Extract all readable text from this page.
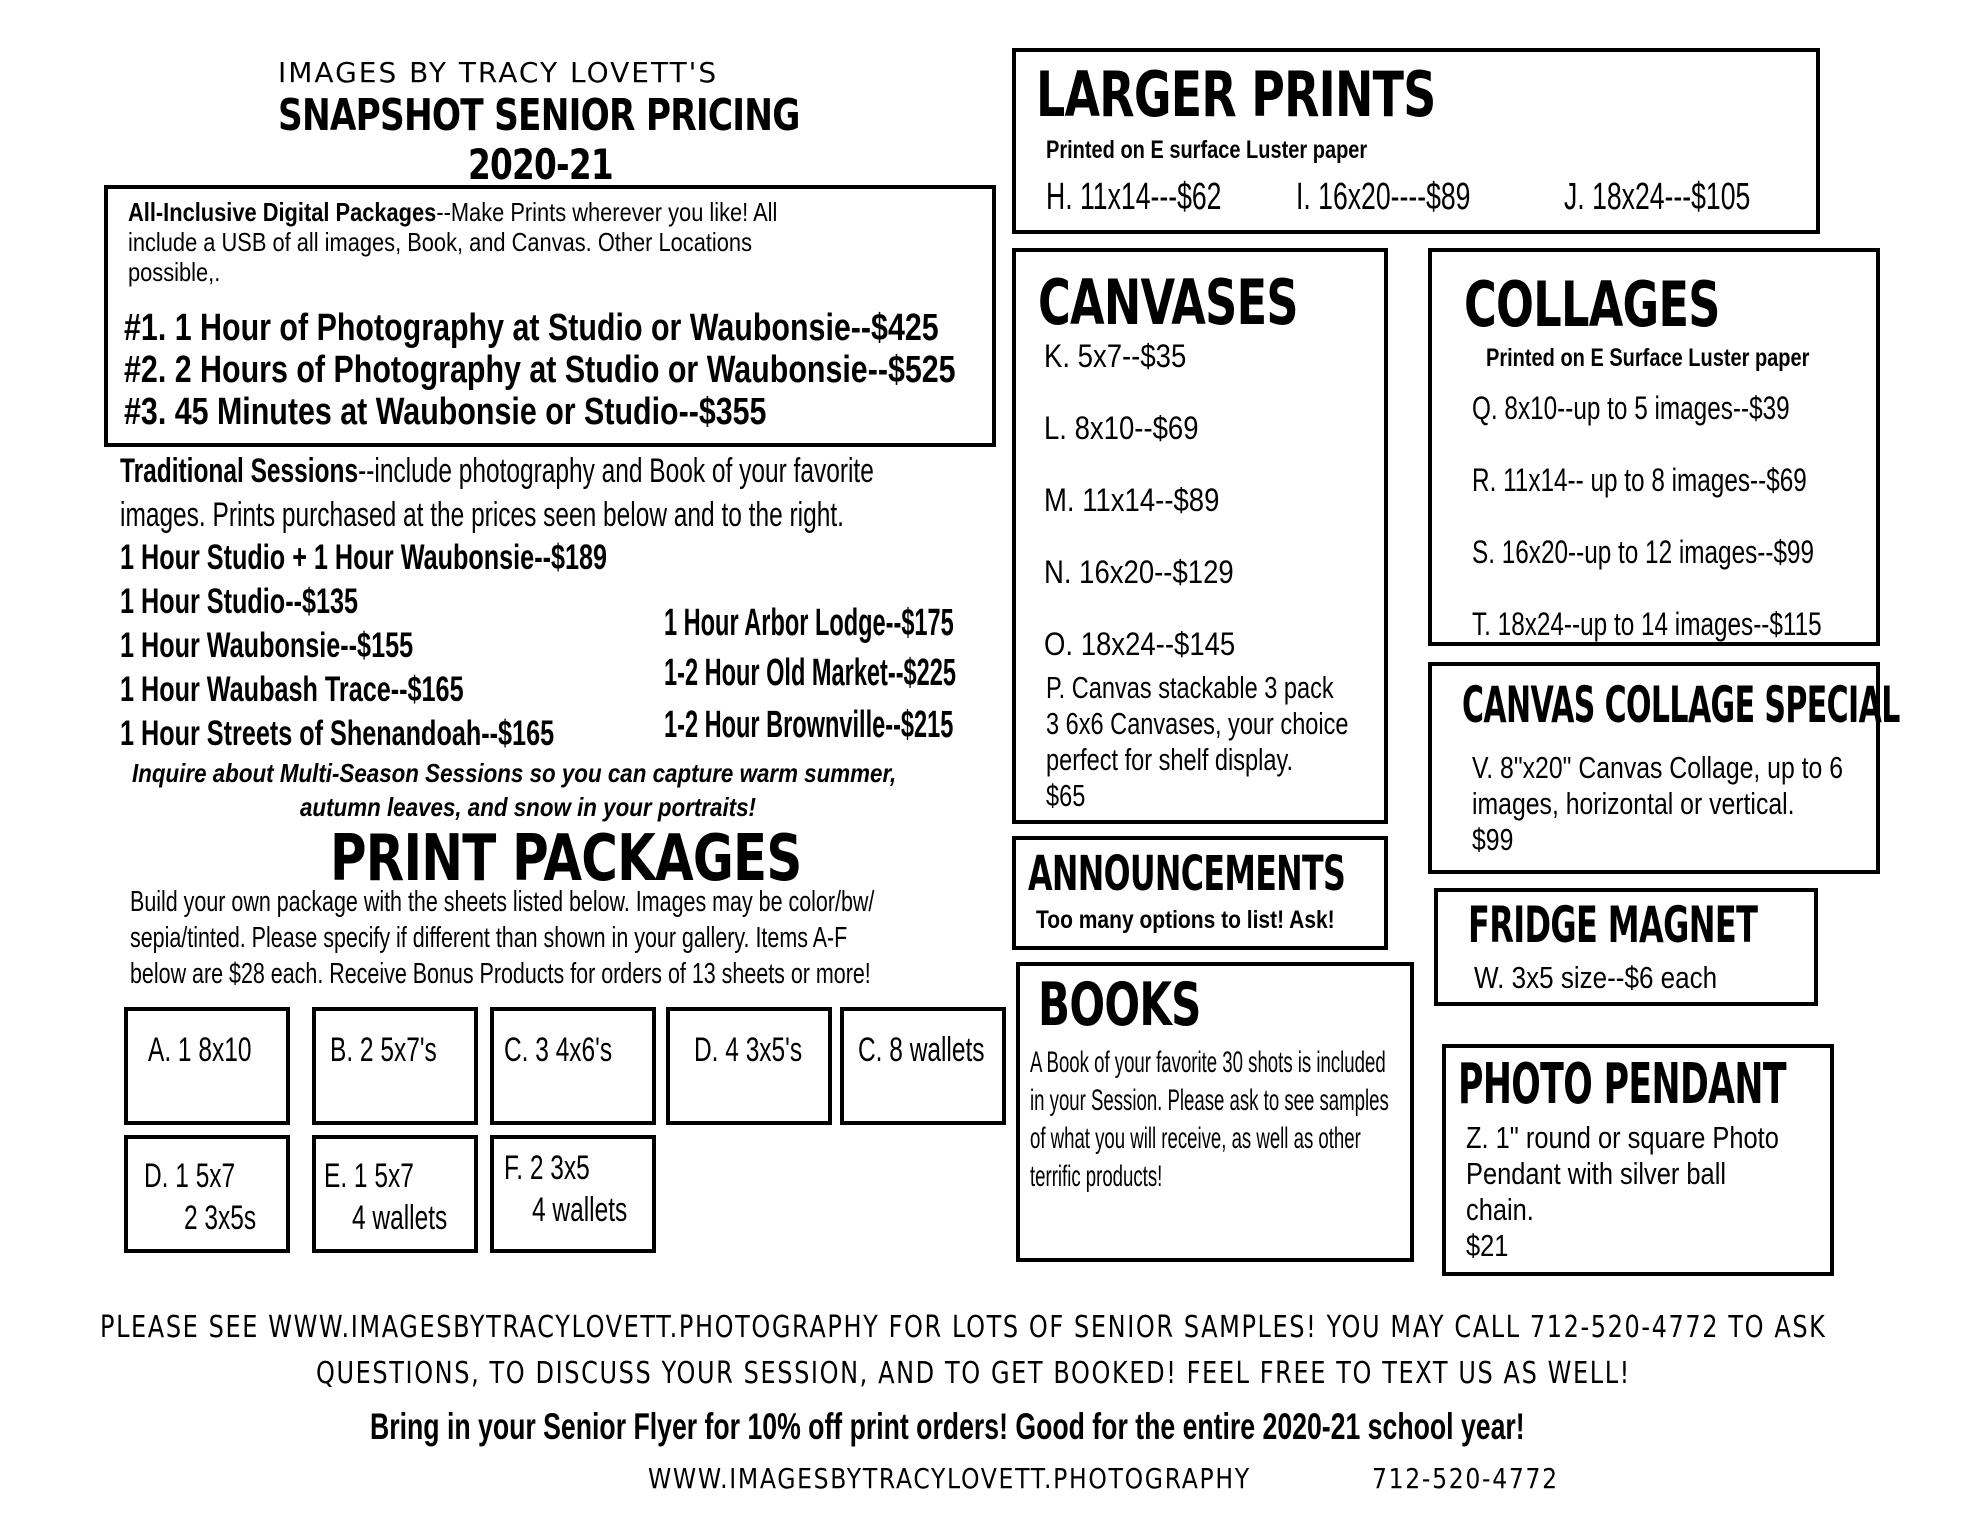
IMAGES BY TRACY LOVETT'S
SNAPSHOT SENIOR PRICING
2020-21
All-Inclusive Digital Packages--Make Prints wherever you like! All
include a USB of all images, Book, and Canvas. Other Locations
possible,.
#1. 1 Hour of Photography at Studio or Waubonsie--$425
#2. 2 Hours of Photography at Studio or Waubonsie--$525
#3. 45 Minutes at Waubonsie or Studio--$355
Traditional Sessions--include photography and Book of your favorite
images. Prints purchased at the prices seen below and to the right.
1 Hour Studio + 1 Hour Waubonsie--$189
1 Hour Studio--$135
1 Hour Waubonsie--$155
1 Hour Waubash Trace--$165
1 Hour Streets of Shenandoah--$165
1 Hour Arbor Lodge--$175
1-2 Hour Old Market--$225
1-2 Hour Brownville--$215
Inquire about Multi-Season Sessions so you can capture warm summer,
autumn leaves, and snow in your portraits!
PRINT PACKAGES
Build your own package with the sheets listed below. Images may be color/bw/
sepia/tinted. Please specify if different than shown in your gallery. Items A-F
below are $28 each. Receive Bonus Products for orders of 13 sheets or more!
A. 1 8x10	B. 2 5x7's	C. 3 4x6's	D. 4 3x5's	C. 8 wallets
D. 1 5x7
2 3x5s
E. 1 5x7
4 wallets
F. 2 3x5
4 wallets
LARGER PRINTS
Printed on E surface Luster paper
H. 11x14---$62	I. 16x20----$89	J. 18x24---$105
CANVASES
K. 5x7--$35
L. 8x10--$69
M. 11x14--$89
N. 16x20--$129
O. 18x24--$145
P. Canvas stackable 3 pack
3 6x6 Canvases, your choice
perfect for shelf display.
$65
COLLAGES
Printed on E Surface Luster paper
Q. 8x10--up to 5 images--$39
R. 11x14-- up to 8 images--$69
S. 16x20--up to 12 images--$99
T. 18x24--up to 14 images--$115
CANVAS COLLAGE SPECIAL
V. 8"x20" Canvas Collage, up to 6
images, horizontal or vertical.
$99
ANNOUNCEMENTS
Too many options to list! Ask!
BOOKS
A Book of your favorite 30 shots is included
in your Session. Please ask to see samples
of what you will receive, as well as other
terrific products!
FRIDGE MAGNET
W. 3x5 size--$6 each
PHOTO PENDANT
Z. 1" round or square Photo
Pendant with silver ball
chain.
$21
PLEASE SEE WWW.IMAGESBYTRACYLOVETT.PHOTOGRAPHY FOR LOTS OF SENIOR SAMPLES! YOU MAY CALL 712-520-4772 TO ASK
QUESTIONS, TO DISCUSS YOUR SESSION, AND TO GET BOOKED! FEEL FREE TO TEXT US AS WELL!
Bring in your Senior Flyer for 10% off print orders! Good for the entire 2020-21 school year!
WWW.IMAGESBYTRACYLOVETT.PHOTOGRAPHY	712-520-4772
